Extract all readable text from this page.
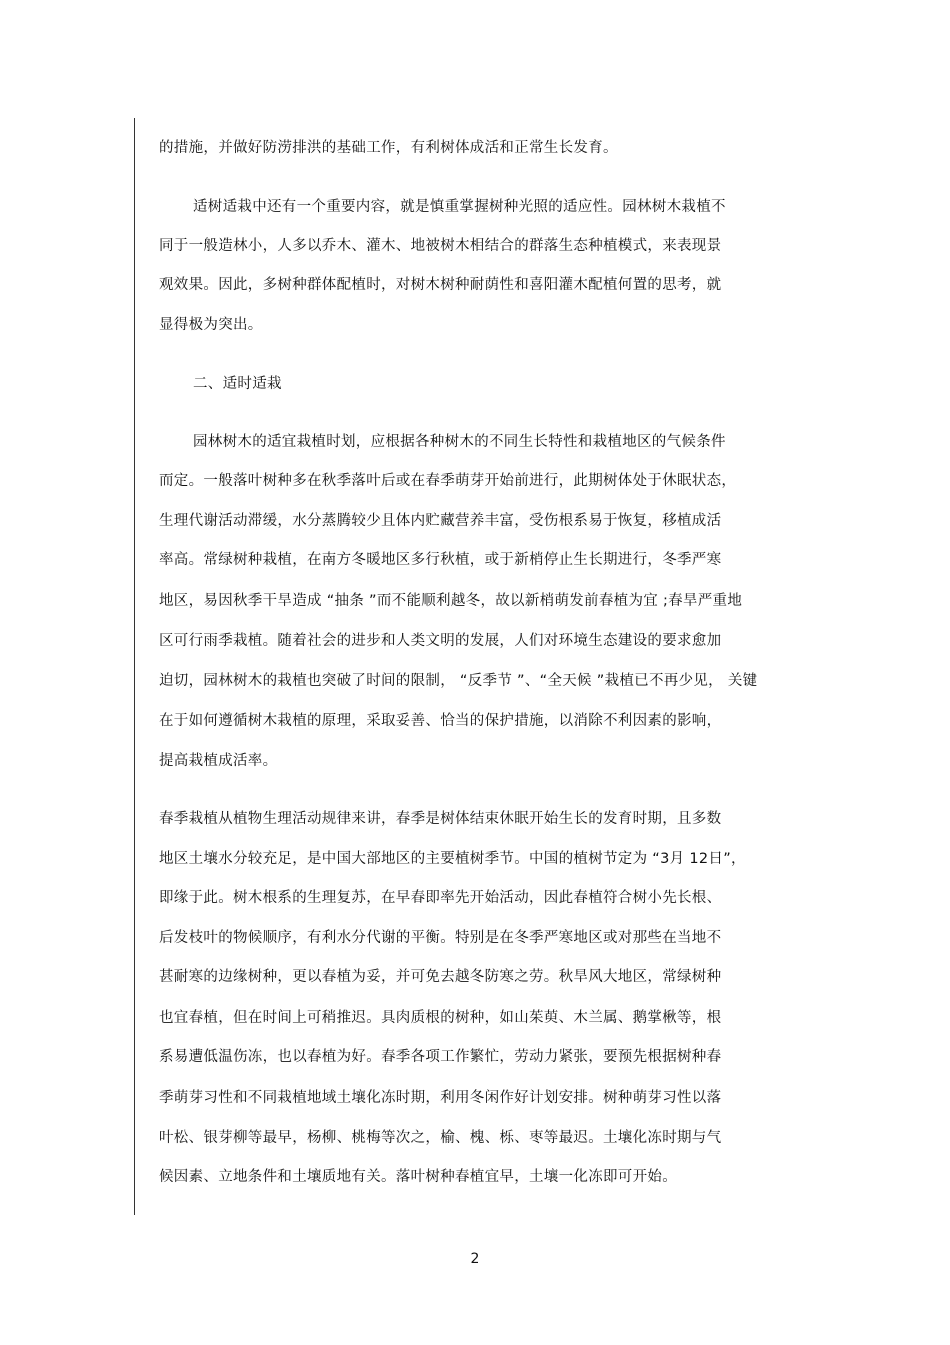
的措施，并做好防涝排洪的基础工作，有利树体成活和正常生长发育。
适树适栽中还有一个重要内容，就是慎重掌握树种光照的适应性。园林树木栽植不
同于一般造林小，人多以乔木、灌木、地被树木相结合的群落生态种植模式，来表现景
观效果。因此，多树种群体配植时，对树木树种耐荫性和喜阳灌木配植何置的思考，就
显得极为突出。
二、适时适栽
园林树木的适宜栽植时划，应根据各种树木的不同生长特性和栽植地区的气候条件
而定。一般落叶树种多在秋季落叶后或在春季萌芽开始前进行，此期树体处于休眠状态，
生理代谢活动滞缓，水分蒸腾较少且体内贮藏营养丰富，受伤根系易于恢复，移植成活
率高。常绿树种栽植，在南方冬暖地区多行秋植，或于新梢停止生长期进行，冬季严寒
地区，易因秋季干旱造成 “抽条 ”而不能顺利越冬，故以新梢萌发前春植为宜 ;春旱严重地
区可行雨季栽植。随着社会的进步和人类文明的发展，人们对环境生态建设的要求愈加
迫切，园林树木的栽植也突破了时间的限制， “反季节 ”、“全天候 ”栽植已不再少见， 关键
在于如何遵循树木栽植的原理，采取妥善、恰当的保护措施，以消除不利因素的影响，
提高栽植成活率。
春季栽植从植物生理活动规律来讲，春季是树体结束休眠开始生长的发育时期，且多数
地区土壤水分较充足，是中国大部地区的主要植树季节。中国的植树节定为 “3月 12日”，
即缘于此。树木根系的生理复苏，在早春即率先开始活动，因此春植符合树小先长根、
后发枝叶的物候顺序，有利水分代谢的平衡。特别是在冬季严寒地区或对那些在当地不
甚耐寒的边缘树种，更以春植为妥，并可免去越冬防寒之劳。秋旱风大地区，常绿树种
也宜春植，但在时间上可稍推迟。具肉质根的树种，如山茱萸、木兰属、鹅掌楸等，根
系易遭低温伤冻，也以春植为好。春季各项工作繁忙，劳动力紧张，要预先根据树种春
季萌芽习性和不同栽植地域土壤化冻时期，利用冬闲作好计划安排。树种萌芽习性以落
叶松、银芽柳等最早，杨柳、桃梅等次之，榆、槐、栎、枣等最迟。土壤化冻时期与气
候因素、立地条件和土壤质地有关。落叶树种春植宜早，土壤一化冻即可开始。
2
